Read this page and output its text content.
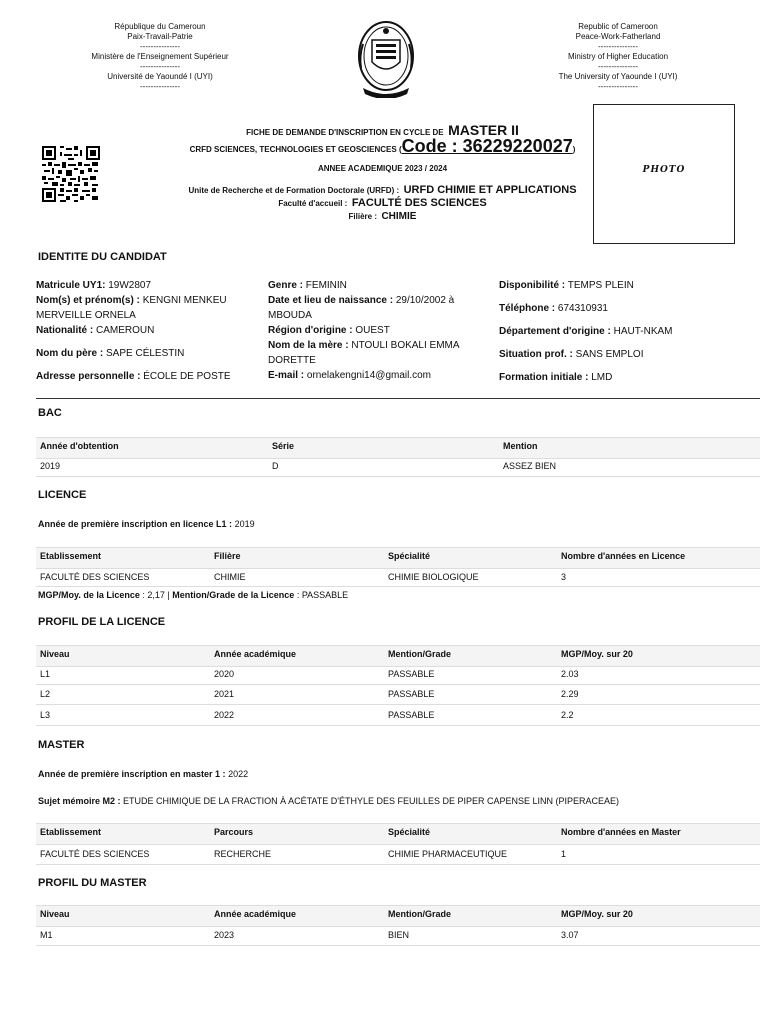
République du Cameroun
Paix-Travail-Patrie
---------------
Ministère de l'Enseignement Supérieur
---------------
Université de Yaoundé I (UYI)
---------------
Republic of Cameroon
Peace-Work-Fatherland
---------------
Ministry of Higher Education
---------------
The University of Yaounde I (UYI)
---------------
FICHE DE DEMANDE D'INSCRIPTION EN CYCLE DE MASTER II
CRFD SCIENCES, TECHNOLOGIES ET GEOSCIENCES (Code : 36229220027)
ANNEE ACADEMIQUE 2023 / 2024
Unite de Recherche et de Formation Doctorale (URFD) : URFD CHIMIE ET APPLICATIONS
Faculté d'accueil : FACULTÉ DES SCIENCES
Filière : CHIMIE
PHOTO
IDENTITE DU CANDIDAT
Matricule UY1: 19W2807
Nom(s) et prénom(s) : KENGNI MENKEU
MERVEILLE ORNELA
Nationalité : CAMEROUN
Nom du père : SAPE CÉLESTIN
Adresse personnelle : ÉCOLE DE POSTE
Genre : FEMININ
Date et lieu de naissance : 29/10/2002 à
MBOUDA
Région d'origine : OUEST
Nom de la mère : NTOULI BOKALI EMMA
DORETTE
E-mail : ornelakengni14@gmail.com
Disponibilité : TEMPS PLEIN
Téléphone : 674310931
Département d'origine : HAUT-NKAM
Situation prof. : SANS EMPLOI
Formation initiale : LMD
BAC
Année d'obtention	Série	Mention
2019	D	ASSEZ BIEN
LICENCE
Année de première inscription en licence L1 : 2019
Etablissement	Filière	Spécialité	Nombre d'années en Licence
FACULTÉ DES SCIENCES	CHIMIE	CHIMIE BIOLOGIQUE	3
MGP/Moy. de la Licence : 2,17 | Mention/Grade de la Licence : PASSABLE
PROFIL DE LA LICENCE
Niveau	Année académique	Mention/Grade	MGP/Moy. sur 20
L1	2020	PASSABLE	2.03
L2	2021	PASSABLE	2.29
L3	2022	PASSABLE	2.2
MASTER
Année de première inscription en master 1 : 2022
Sujet mémoire M2 : ETUDE CHIMIQUE DE LA FRACTION À ACÉTATE D'ÉTHYLE DES FEUILLES DE PIPER CAPENSE LINN (PIPERACEAE)
Etablissement	Parcours	Spécialité	Nombre d'années en Master
FACULTÉ DES SCIENCES	RECHERCHE	CHIMIE PHARMACEUTIQUE	1
PROFIL DU MASTER
Niveau	Année académique	Mention/Grade	MGP/Moy. sur 20
M1	2023	BIEN	3.07
